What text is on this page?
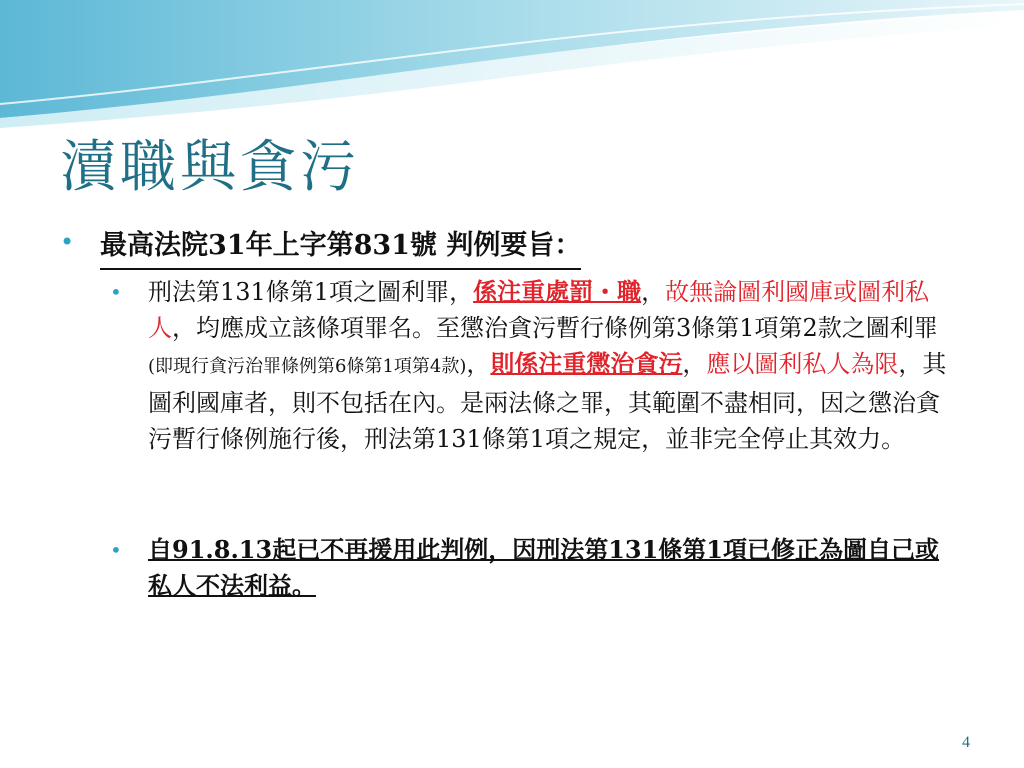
瀆職與貪污
• 最高法院31年上字第831號 判例要旨：

• 刑法第131條第1項之圖利罪，係注重處罰・職，故無論圖利國庫或圖利私人，均應成立該條項罪名。至懲治貪污暫行條例第3條第1項第2款之圖利罪(即現行貪污治罪條例第6條第1項第4款)，則係注重懲治貪污，應以圖利私人為限，其圖利國庫者，則不包括在內。是兩法條之罪，其範圍不盡相同，因之懲治貪污暫行條例施行後，刑法第131條第1項之規定，並非完全停止其效力。

• 自91.8.13起已不再援用此判例，因刑法第131條第1項已修正為圖自己或私人不法利益。

4
